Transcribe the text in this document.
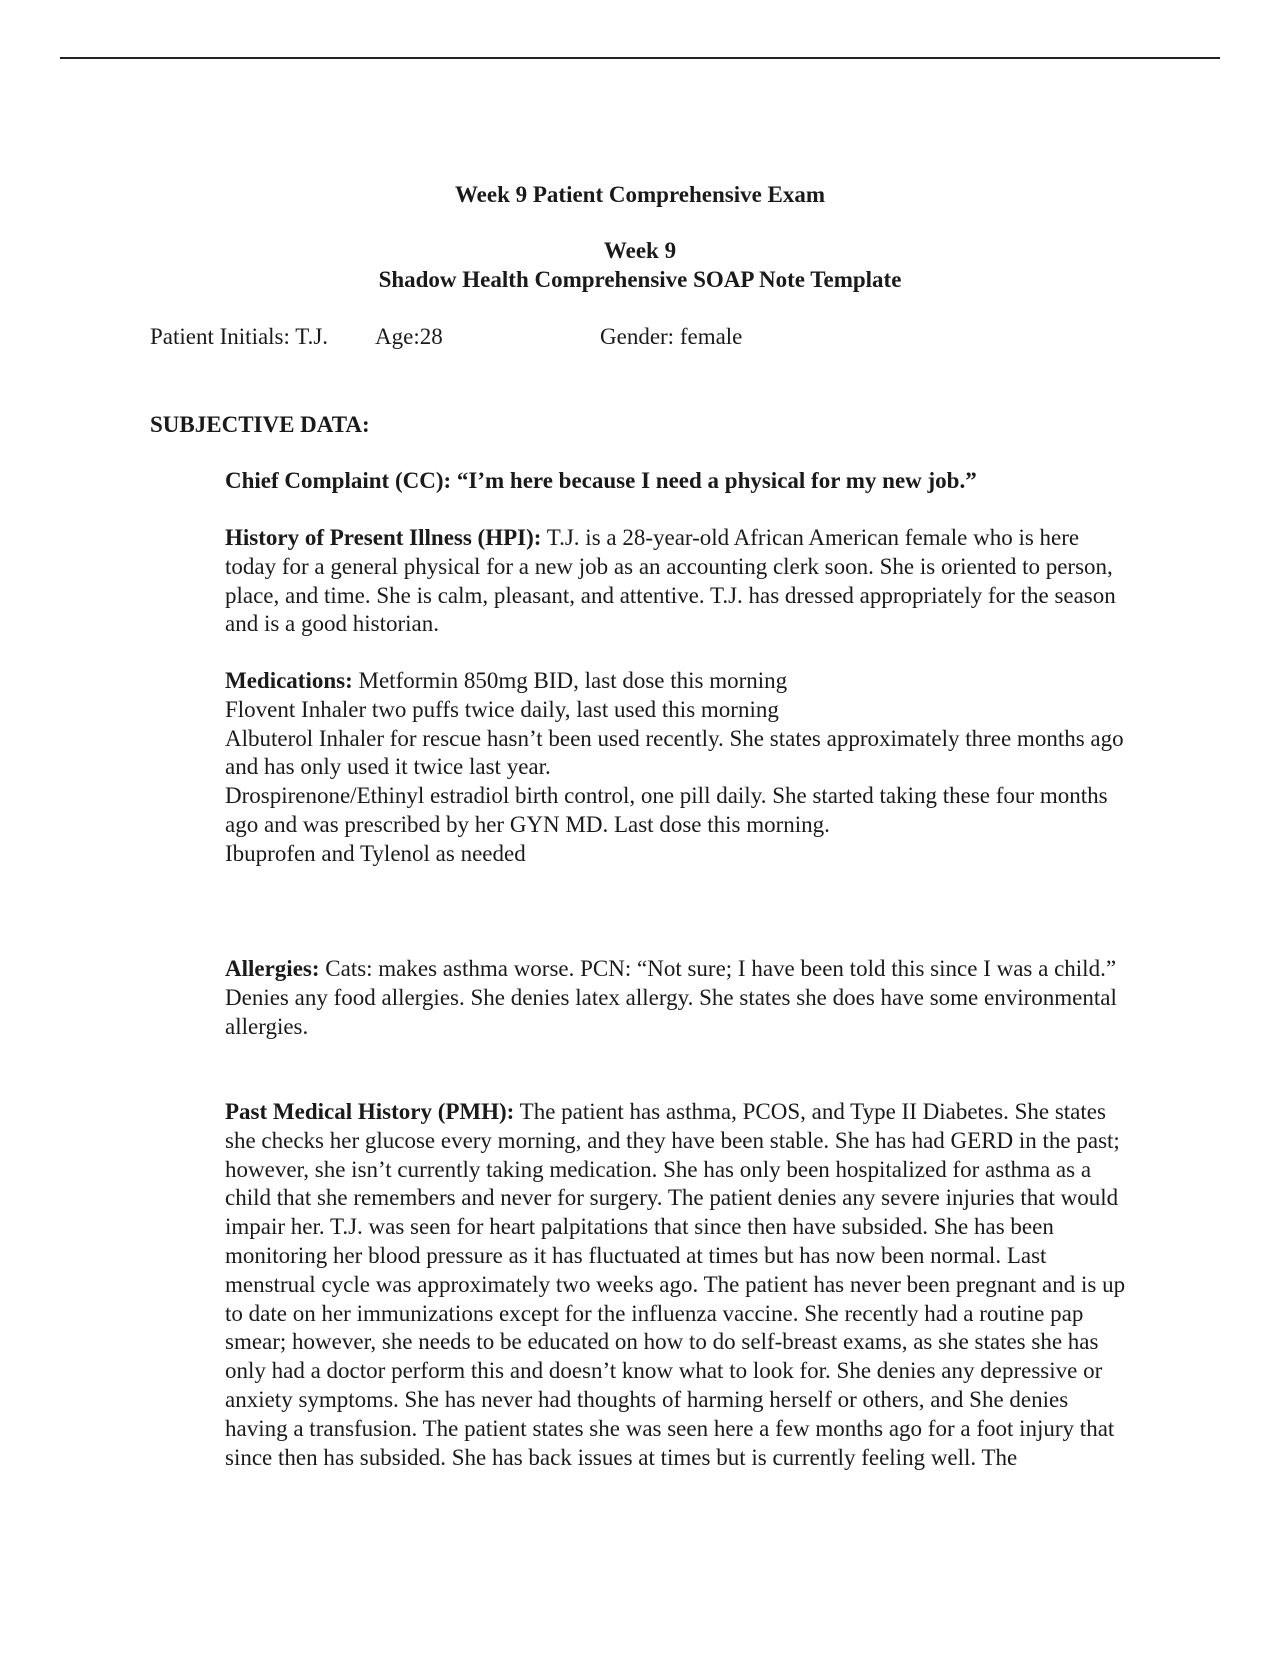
Week 9 Patient Comprehensive Exam
Week 9
Shadow Health Comprehensive SOAP Note Template
Patient Initials: T.J. Age:28	Gender: female
SUBJECTIVE DATA:
Chief Complaint (CC): “I’m here because I need a physical for my new job.”
History of Present Illness (HPI): T.J. is a 28-year-old African American female who is here today for a general physical for a new job as an accounting clerk soon. She is oriented to person, place, and time. She is calm, pleasant, and attentive. T.J. has dressed appropriately for the season and is a good historian.
Medications: Metformin 850mg BID, last dose this morning
Flovent Inhaler two puffs twice daily, last used this morning
Albuterol Inhaler for rescue hasn’t been used recently. She states approximately three months ago and has only used it twice last year.
Drospirenone/Ethinyl estradiol birth control, one pill daily. She started taking these four months ago and was prescribed by her GYN MD. Last dose this morning.
Ibuprofen and Tylenol as needed
Allergies: Cats: makes asthma worse. PCN: “Not sure; I have been told this since I was a child.” Denies any food allergies. She denies latex allergy. She states she does have some environmental allergies.
Past Medical History (PMH): The patient has asthma, PCOS, and Type II Diabetes. She states she checks her glucose every morning, and they have been stable. She has had GERD in the past; however, she isn’t currently taking medication. She has only been hospitalized for asthma as a child that she remembers and never for surgery. The patient denies any severe injuries that would impair her. T.J. was seen for heart palpitations that since then have subsided. She has been monitoring her blood pressure as it has fluctuated at times but has now been normal. Last menstrual cycle was approximately two weeks ago. The patient has never been pregnant and is up to date on her immunizations except for the influenza vaccine. She recently had a routine pap smear; however, she needs to be educated on how to do self-breast exams, as she states she has only had a doctor perform this and doesn’t know what to look for. She denies any depressive or anxiety symptoms. She has never had thoughts of harming herself or others, and She denies having a transfusion. The patient states she was seen here a few months ago for a foot injury that since then has subsided. She has back issues at times but is currently feeling well. The
